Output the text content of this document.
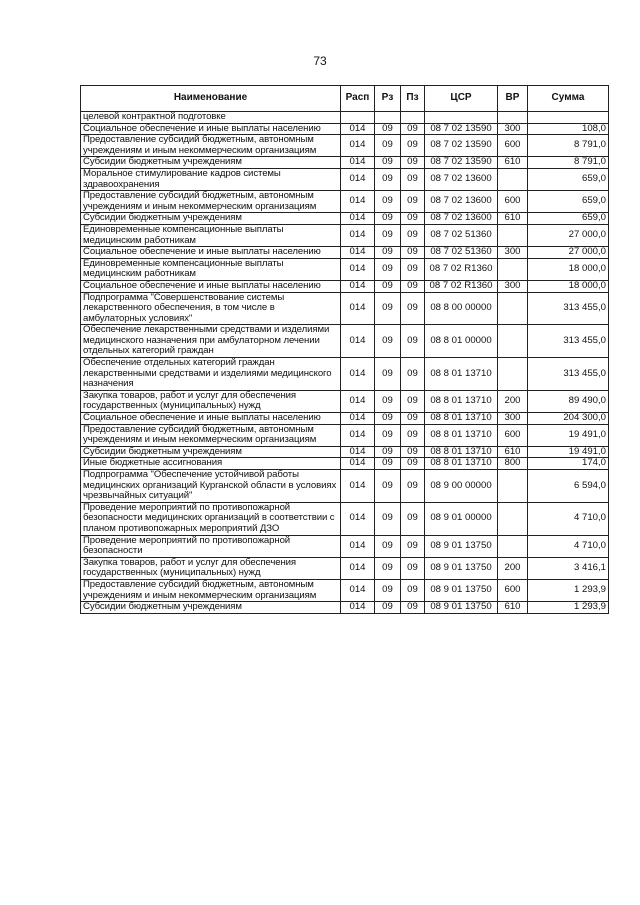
73
Наименование	Расп	Рз	Пз	ЦСР	ВР	Сумма
целевой контрактной подготовке						
Социальное обеспечение и иные выплаты населению	014	09	09	08 7 02 13590	300	108,0
Предоставление субсидий бюджетным, автономным учреждениям и иным некоммерческим организациям	014	09	09	08 7 02 13590	600	8 791,0
Субсидии бюджетным учреждениям	014	09	09	08 7 02 13590	610	8 791,0
Моральное стимулирование кадров системы здравоохранения	014	09	09	08 7 02 13600		659,0
Предоставление субсидий бюджетным, автономным учреждениям и иным некоммерческим организациям	014	09	09	08 7 02 13600	600	659,0
Субсидии бюджетным учреждениям	014	09	09	08 7 02 13600	610	659,0
Единовременные компенсационные выплаты медицинским работникам	014	09	09	08 7 02 51360		27 000,0
Социальное обеспечение и иные выплаты населению	014	09	09	08 7 02 51360	300	27 000,0
Единовременные компенсационные выплаты медицинским работникам	014	09	09	08 7 02 R1360		18 000,0
Социальное обеспечение и иные выплаты населению	014	09	09	08 7 02 R1360	300	18 000,0
Подпрограмма "Совершенствование системы лекарственного обеспечения, в том числе в амбулаторных условиях"	014	09	09	08 8 00 00000		313 455,0
Обеспечение лекарственными средствами и изделиями медицинского назначения при амбулаторном лечении отдельных категорий граждан	014	09	09	08 8 01 00000		313 455,0
Обеспечение отдельных категорий граждан лекарственными средствами и изделиями медицинского назначения	014	09	09	08 8 01 13710		313 455,0
Закупка товаров, работ и услуг для обеспечения государственных (муниципальных) нужд	014	09	09	08 8 01 13710	200	89 490,0
Социальное обеспечение и иные выплаты населению	014	09	09	08 8 01 13710	300	204 300,0
Предоставление субсидий бюджетным, автономным учреждениям и иным некоммерческим организациям	014	09	09	08 8 01 13710	600	19 491,0
Субсидии бюджетным учреждениям	014	09	09	08 8 01 13710	610	19 491,0
Иные бюджетные ассигнования	014	09	09	08 8 01 13710	800	174,0
Подпрограмма "Обеспечение устойчивой работы медицинских организаций Курганской области в условиях чрезвычайных ситуаций"	014	09	09	08 9 00 00000		6 594,0
Проведение мероприятий по противопожарной безопасности медицинских организаций в соответствии с планом противопожарных мероприятий ДЗО	014	09	09	08 9 01 00000		4 710,0
Проведение мероприятий по противопожарной безопасности	014	09	09	08 9 01 13750		4 710,0
Закупка товаров, работ и услуг для обеспечения государственных (муниципальных) нужд	014	09	09	08 9 01 13750	200	3 416,1
Предоставление субсидий бюджетным, автономным учреждениям и иным некоммерческим организациям	014	09	09	08 9 01 13750	600	1 293,9
Субсидии бюджетным учреждениям	014	09	09	08 9 01 13750	610	1 293,9
